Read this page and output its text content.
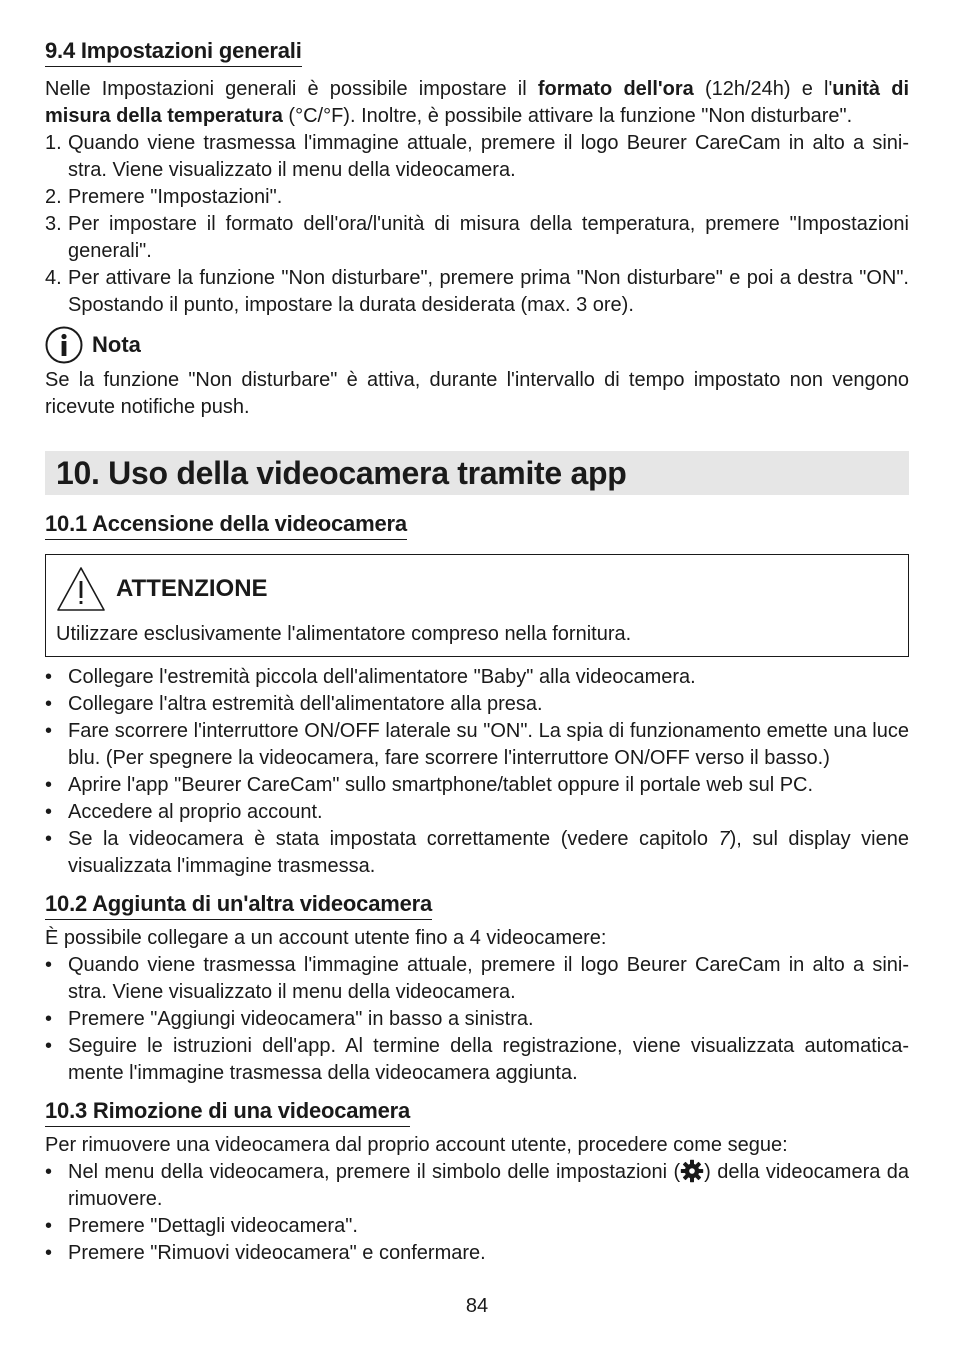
9.4 Impostazioni generali

Nelle Impostazioni generali è possibile impostare il formato dell'ora (12h/24h) e l'unità di misura della temperatura (°C/°F). Inoltre, è possibile attivare la funzione "Non disturbare".

1. Quando viene trasmessa l'immagine attuale, premere il logo Beurer CareCam in alto a sini-stra. Viene visualizzato il menu della videocamera.
2. Premere "Impostazioni".
3. Per impostare il formato dell'ora/l'unità di misura della temperatura, premere "Impostazioni generali".
4. Per attivare la funzione "Non disturbare", premere prima "Non disturbare" e poi a destra "ON". Spostando il punto, impostare la durata desiderata (max. 3 ore).
Nota

Se la funzione "Non disturbare" è attiva, durante l'intervallo di tempo impostato non vengono ricevute notifiche push.

10. Uso della videocamera tramite app
10.1 Accensione della videocamera
ATTENZIONE

Utilizzare esclusivamente l'alimentatore compreso nella fornitura.

• Collegare l'estremità piccola dell'alimentatore "Baby" alla videocamera.
• Collegare l'altra estremità dell'alimentatore alla presa.
• Fare scorrere l'interruttore ON/OFF laterale su "ON". La spia di funzionamento emette una luce blu. (Per spegnere la videocamera, fare scorrere l'interruttore ON/OFF verso il basso.)
• Aprire l'app "Beurer CareCam" sullo smartphone/tablet oppure il portale web sul PC.
• Accedere al proprio account.
• Se la videocamera è stata impostata correttamente (vedere capitolo 7), sul display viene visualizzata l'immagine trasmessa.
10.2 Aggiunta di un'altra videocamera

È possibile collegare a un account utente fino a 4 videocamere:

• Quando viene trasmessa l'immagine attuale, premere il logo Beurer CareCam in alto a sini-stra. Viene visualizzato il menu della videocamera.
• Premere "Aggiungi videocamera" in basso a sinistra.
• Seguire le istruzioni dell'app. Al termine della registrazione, viene visualizzata automatica-mente l'immagine trasmessa della videocamera aggiunta.
10.3 Rimozione di una videocamera

Per rimuovere una videocamera dal proprio account utente, procedere come segue:

• Nel menu della videocamera, premere il simbolo delle impostazioni ( ) della videocamera da rimuovere.
• Premere "Dettagli videocamera".
• Premere "Rimuovi videocamera" e confermare.
84
